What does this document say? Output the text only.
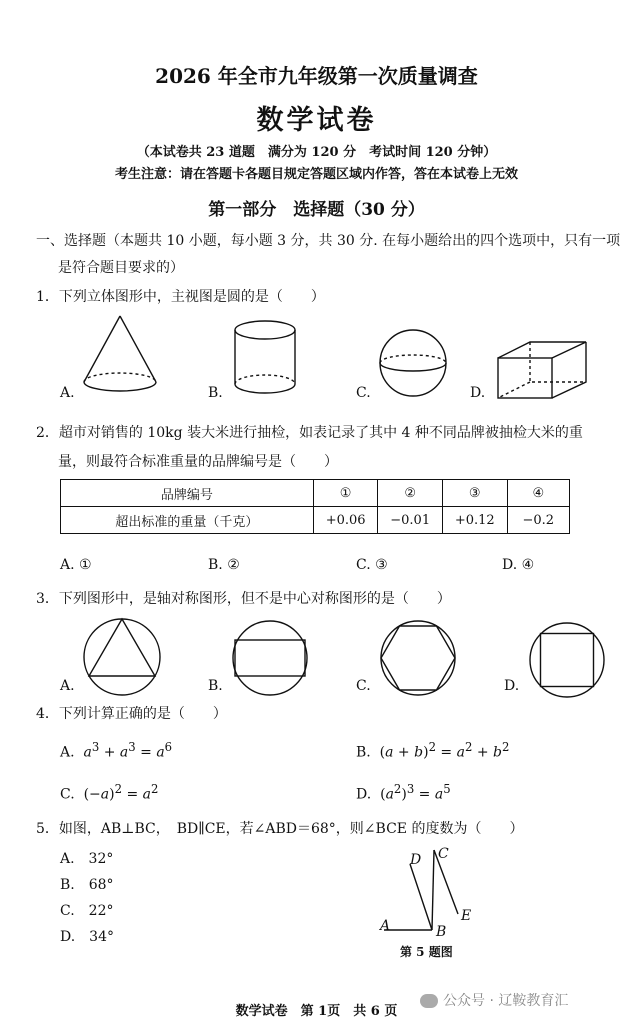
2026 年全市九年级第一次质量调查
数学试卷
（本试卷共 23 道题　满分为 120 分　考试时间 120 分钟）
考生注意：请在答题卡各题目规定答题区域内作答，答在本试卷上无效
第一部分　选择题（30 分）
一、选择题（本题共 10 小题，每小题 3 分，共 30 分. 在每小题给出的四个选项中，只有一项
是符合题目要求的）
1．下列立体图形中，主视图是圆的是（　　）
A.	B.	C.	D.
2．超市对销售的 10kg 装大米进行抽检，如表记录了其中 4 种不同品牌被抽检大米的重
量，则最符合标准重量的品牌编号是（　　）
品牌编号	①	②	③	④
超出标准的重量（千克）	+0.06	−0.01	+0.12	−0.2
A. ①	B. ②	C. ③	D. ④
3．下列图形中，是轴对称图形，但不是中心对称图形的是（　　）
A.	B.	C.	D.
4．下列计算正确的是（　　）
A. $a^3 + a^3 = a^6$	B.  $(a + b)^2 = a^2 + b^2$
C.  $(-a)^2 = a^2$	D.  $(a^2)^3 = a^5$
5．如图，AB⊥BC，　BD∥CE，若∠ABD＝68°，则∠BCE 的度数为（　　）
A.　32°
B.　68°
C.　22°
D.　34°
D C
E
A	B
第 5 题图
数学试卷　第 1页　共 6 页
公众号 · 辽鞍教育汇
